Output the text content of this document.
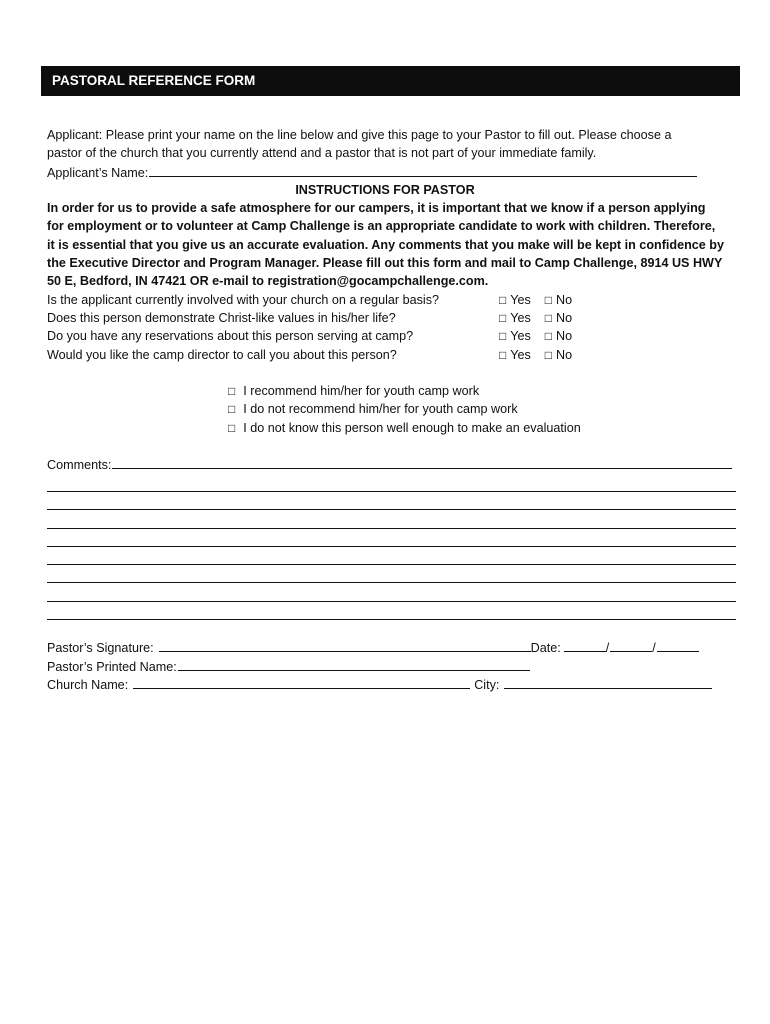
PASTORAL REFERENCE FORM
Applicant: Please print your name on the line below and give this page to your Pastor to fill out. Please choose a
pastor of the church that you currently attend and a pastor that is not part of your immediate family.
Applicant’s Name:
INSTRUCTIONS FOR PASTOR
In order for us to provide a safe atmosphere for our campers, it is important that we know if a person applying
for employment or to volunteer at Camp Challenge is an appropriate candidate to work with children. Therefore,
it is essential that you give us an accurate evaluation. Any comments that you make will be kept in confidence by
the Executive Director and Program Manager. Please fill out this form and mail to Camp Challenge, 8914 US HWY
50 E, Bedford, IN 47421 OR e-mail to registration@gocampchallenge.com.
Is the applicant currently involved with your church on a regular basis?	□ Yes □ No
Does this person demonstrate Christ-like values in his/her life?	□ Yes □ No
Do you have any reservations about this person serving at camp?	□ Yes □ No
Would you like the camp director to call you about this person?	□ Yes □ No
□ I recommend him/her for youth camp work
□ I do not recommend him/her for youth camp work
□ I do not know this person well enough to make an evaluation
Comments:
Pastor’s Signature:	Date:	/	/
Pastor’s Printed Name:
Church Name:	City:
